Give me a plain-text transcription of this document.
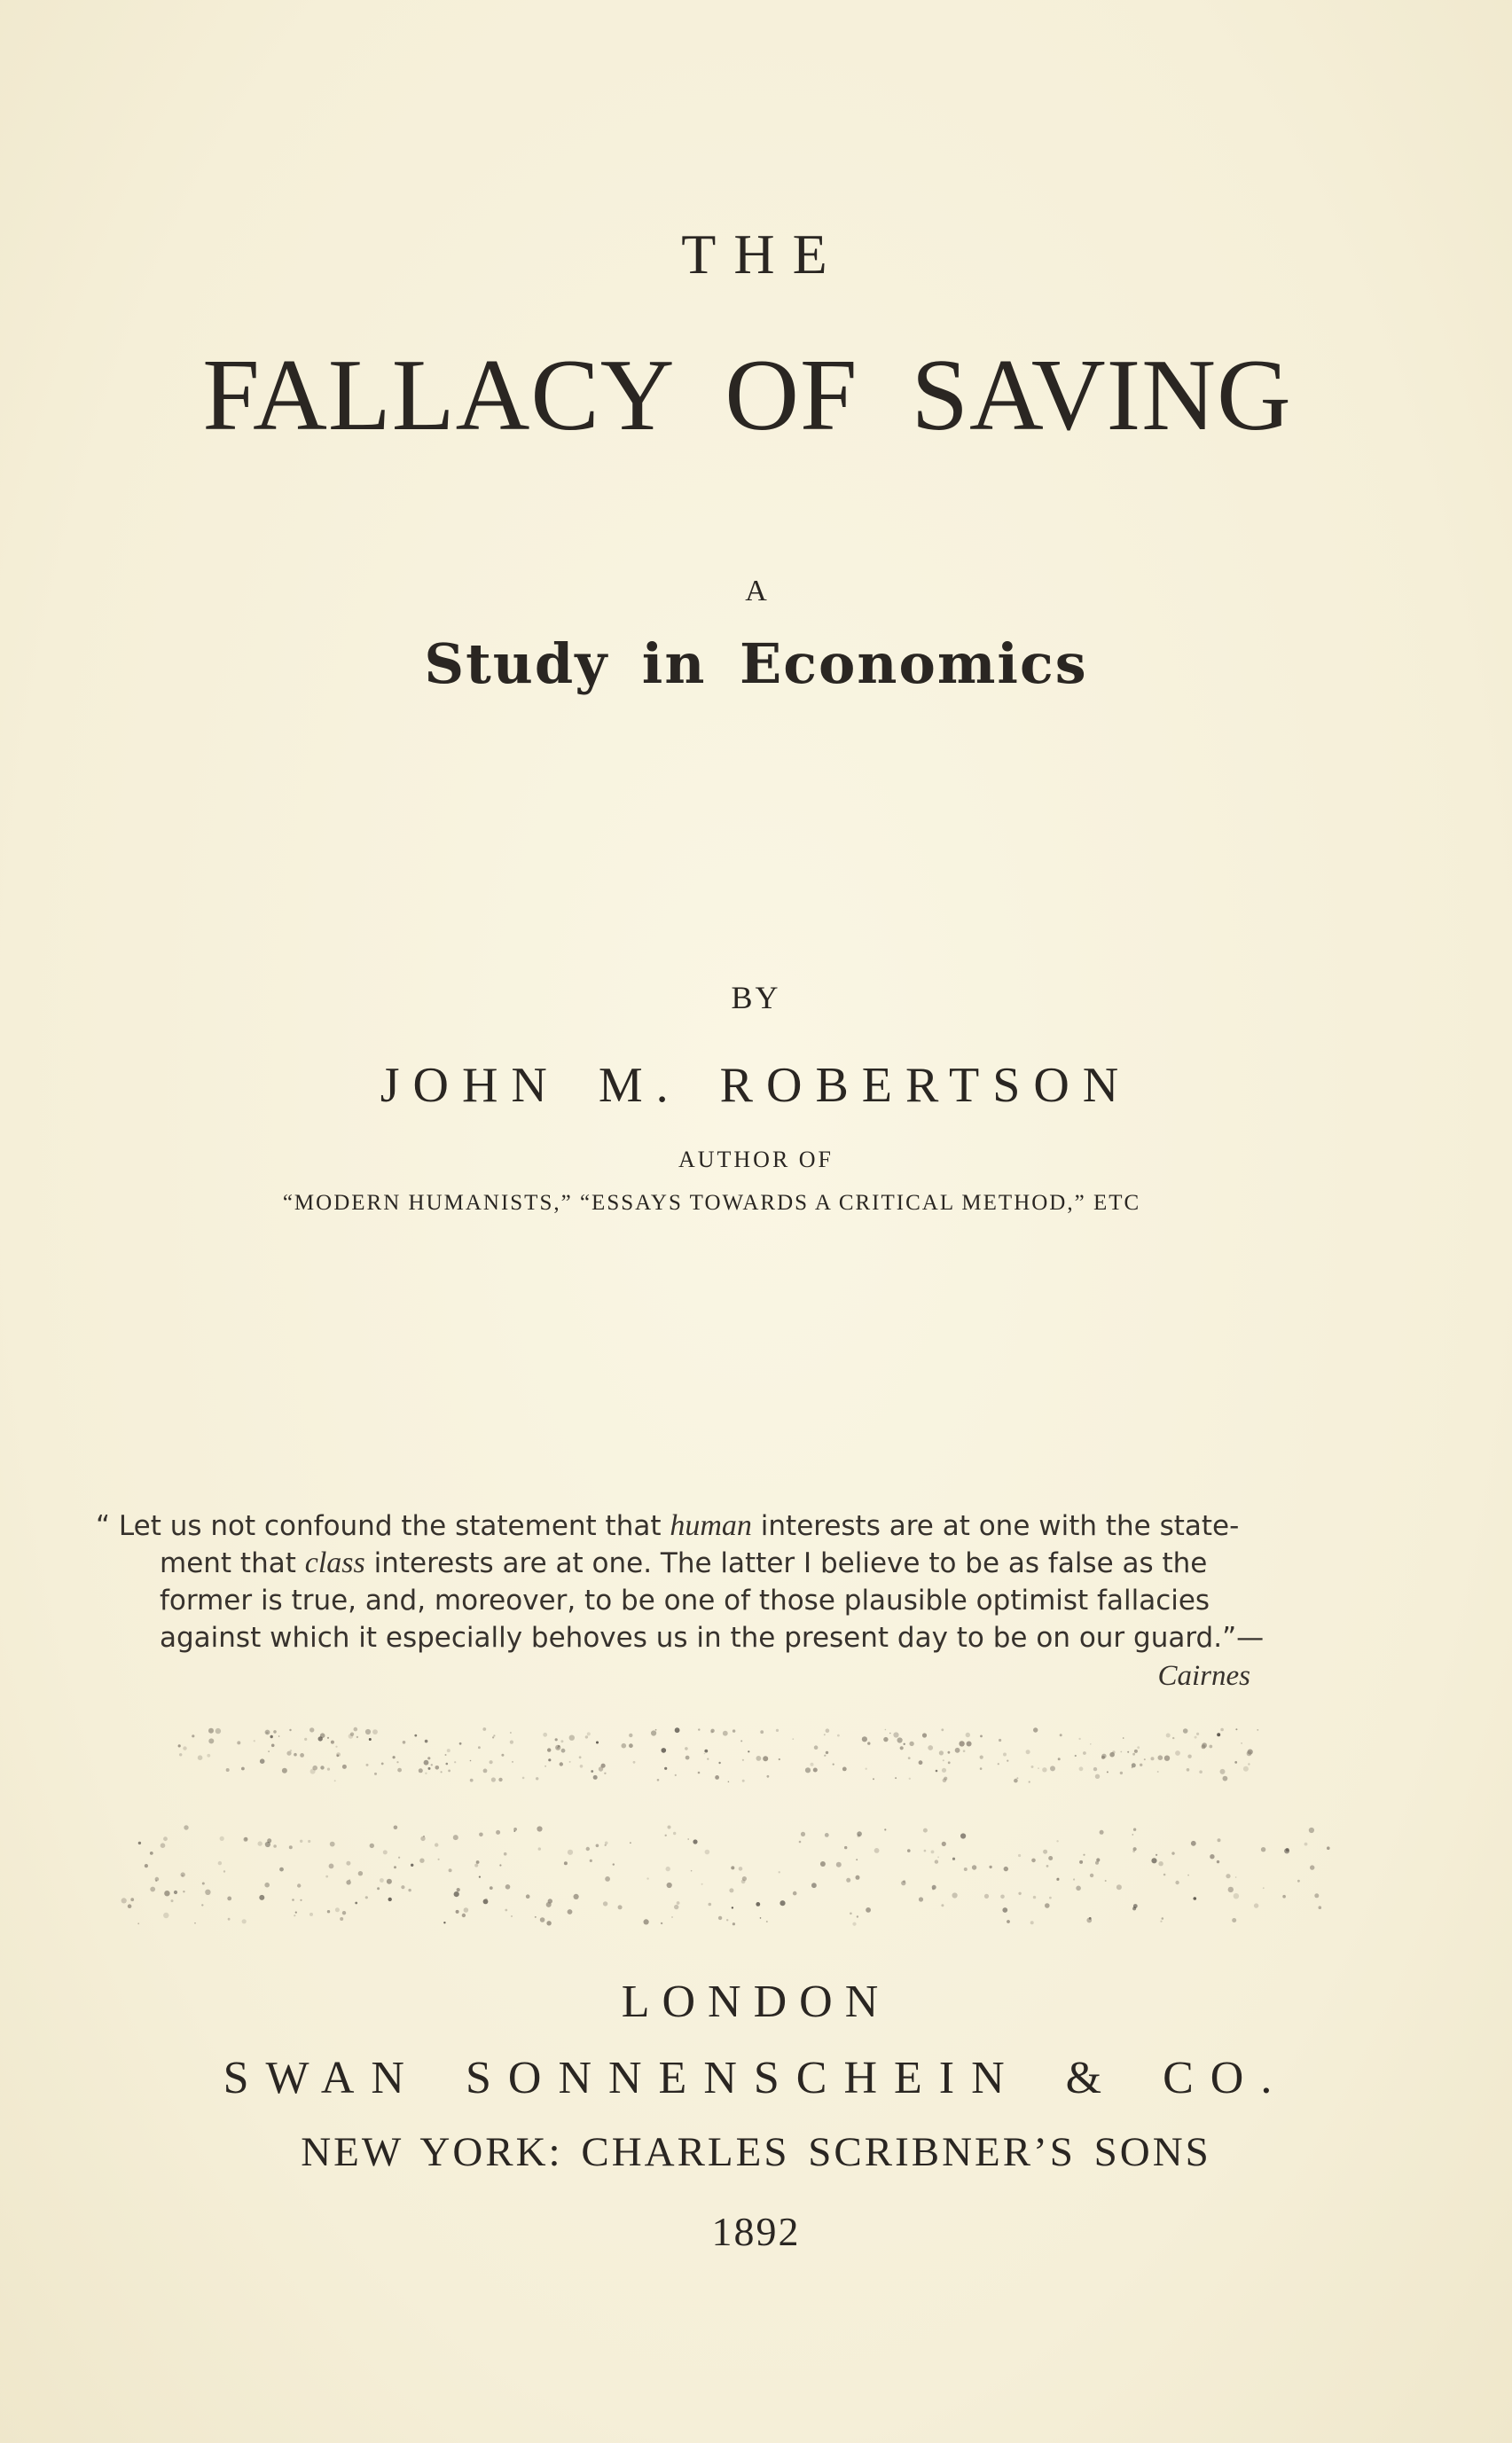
THE
FALLACY OF SAVING
A
Study in Economics
BY
JOHN M. ROBERTSON
AUTHOR OF
“MODERN HUMANISTS,” “ESSAYS TOWARDS A CRITICAL METHOD,” ETC
“ Let us not confound the statement that human interests are at one with the state-
ment that class interests are at one. The latter I believe to be as false as the
former is true, and, moreover, to be one of those plausible optimist fallacies
against which it especially behoves us in the present day to be on our guard.”—
Cairnes
LONDON
SWAN SONNENSCHEIN & CO.
NEW YORK: CHARLES SCRIBNER’S SONS
1892
